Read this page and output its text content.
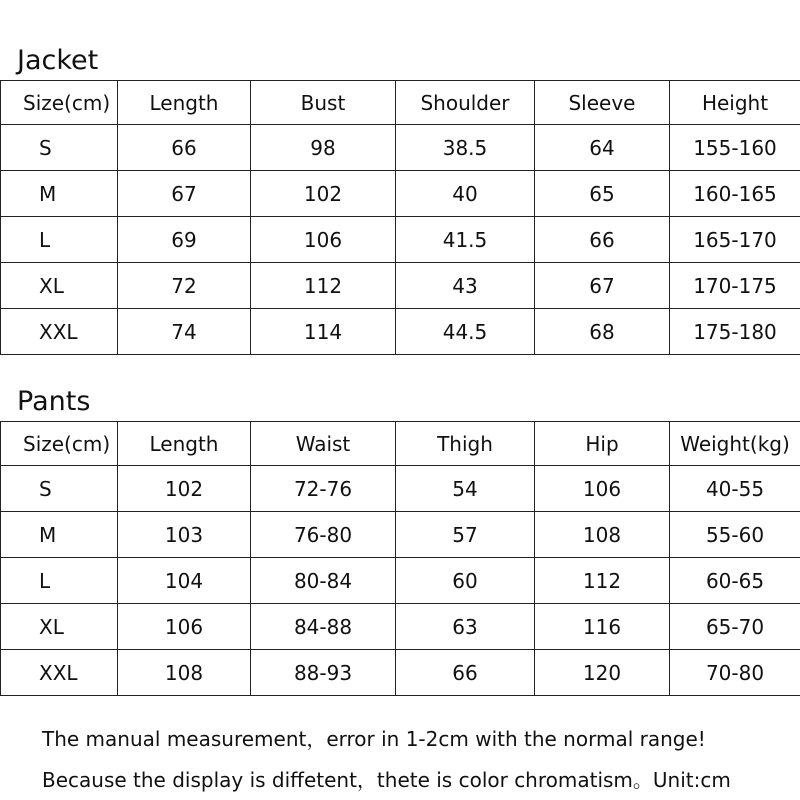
Jacket
Size(cm)	Length	Bust	Shoulder	Sleeve	Height
S	66	98	38.5	64	155-160
M	67	102	40	65	160-165
L	69	106	41.5	66	165-170
XL	72	112	43	67	170-175
XXL	74	114	44.5	68	175-180
Pants
Size(cm)	Length	Waist	Thigh	Hip	Weight(kg)
S	102	72-76	54	106	40-55
M	103	76-80	57	108	55-60
L	104	80-84	60	112	60-65
XL	106	84-88	63	116	65-70
XXL	108	88-93	66	120	70-80
The manual measurement，error in 1-2cm with the normal range!
Because the display is diffetent，thete is color chromatism。Unit:cm
